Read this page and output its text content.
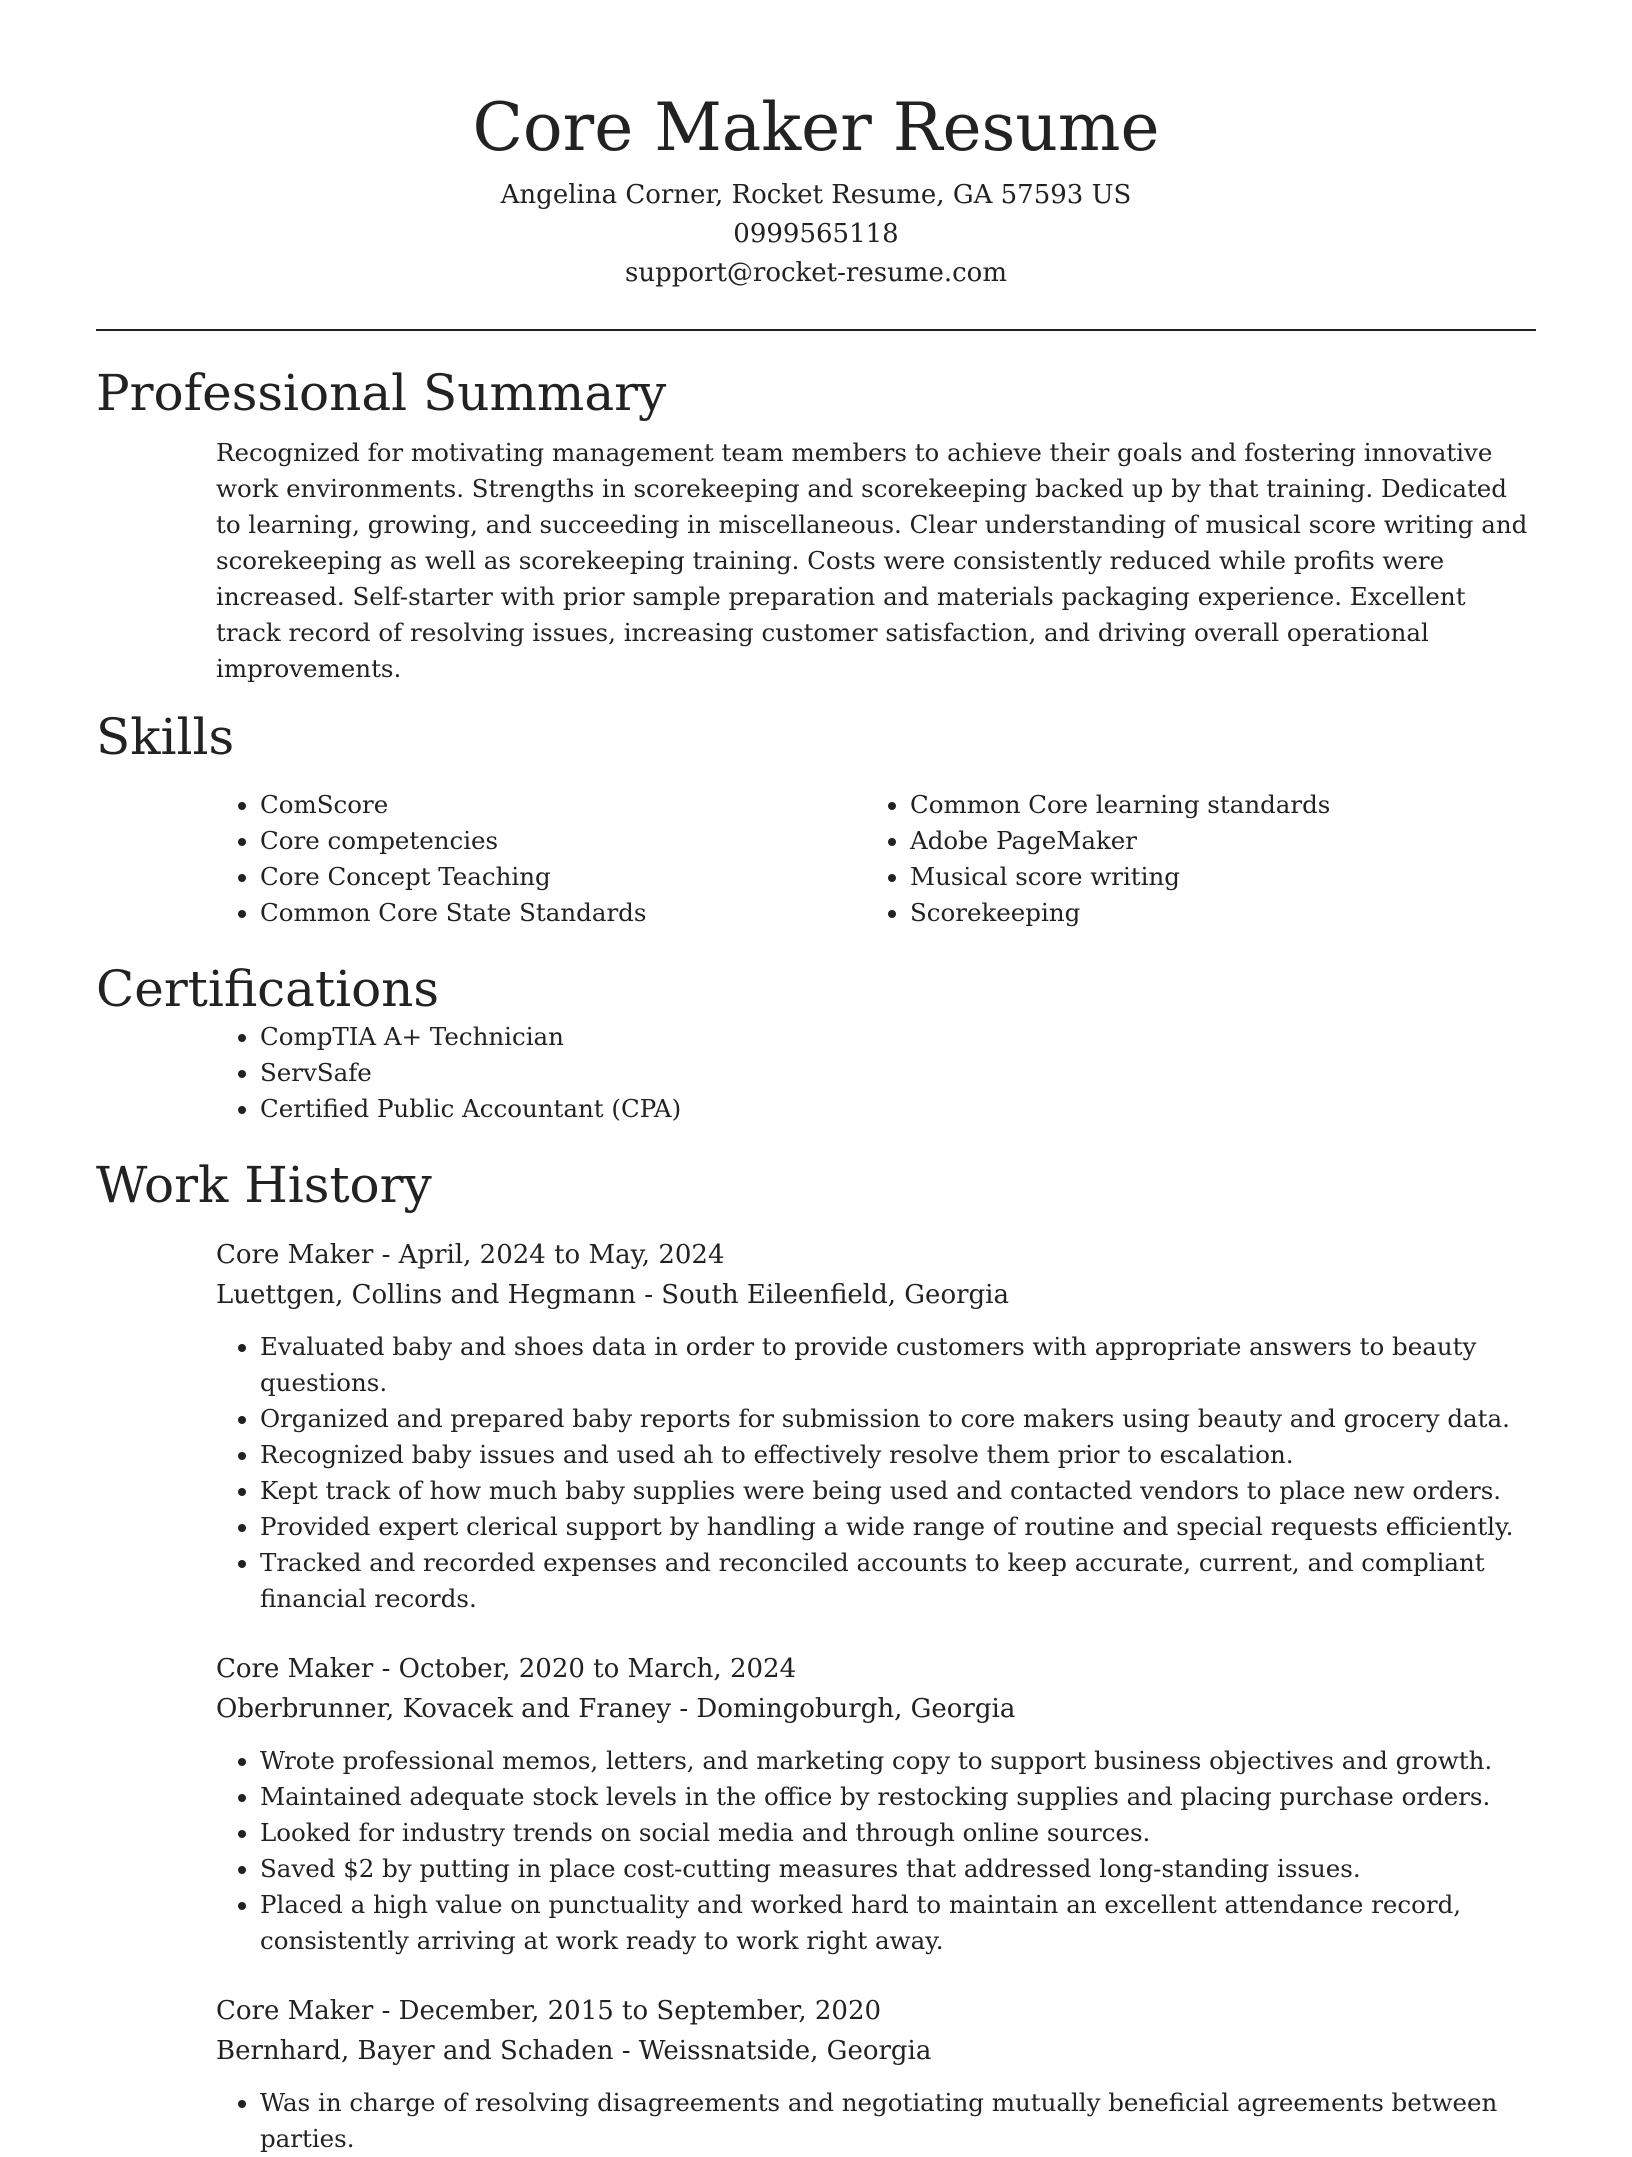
Core Maker Resume
Angelina Corner, Rocket Resume, GA 57593 US
0999565118
support@rocket-resume.com
Professional Summary

Recognized for motivating management team members to achieve their goals and fostering innovative work environments. Strengths in scorekeeping and scorekeeping backed up by that training. Dedicated to learning, growing, and succeeding in miscellaneous. Clear understanding of musical score writing and scorekeeping as well as scorekeeping training. Costs were consistently reduced while profits were increased. Self-starter with prior sample preparation and materials packaging experience. Excellent track record of resolving issues, increasing customer satisfaction, and driving overall operational improvements.

Skills
• ComScore
• Core competencies
• Core Concept Teaching
• Common Core State Standards
• Common Core learning standards
• Adobe PageMaker
• Musical score writing
• Scorekeeping
Certifications
• CompTIA A+ Technician
• ServSafe
• Certified Public Accountant (CPA)
Work History
Core Maker - April, 2024 to May, 2024
Luettgen, Collins and Hegmann - South Eileenfield, Georgia
• Evaluated baby and shoes data in order to provide customers with appropriate answers to beauty questions.
• Organized and prepared baby reports for submission to core makers using beauty and grocery data.
• Recognized baby issues and used ah to effectively resolve them prior to escalation.
• Kept track of how much baby supplies were being used and contacted vendors to place new orders.
• Provided expert clerical support by handling a wide range of routine and special requests efficiently.
• Tracked and recorded expenses and reconciled accounts to keep accurate, current, and compliant financial records.
Core Maker - October, 2020 to March, 2024
Oberbrunner, Kovacek and Franey - Domingoburgh, Georgia
• Wrote professional memos, letters, and marketing copy to support business objectives and growth.
• Maintained adequate stock levels in the office by restocking supplies and placing purchase orders.
• Looked for industry trends on social media and through online sources.
• Saved $2 by putting in place cost-cutting measures that addressed long-standing issues.
• Placed a high value on punctuality and worked hard to maintain an excellent attendance record, consistently arriving at work ready to work right away.
Core Maker - December, 2015 to September, 2020
Bernhard, Bayer and Schaden - Weissnatside, Georgia
• Was in charge of resolving disagreements and negotiating mutually beneficial agreements between parties.
